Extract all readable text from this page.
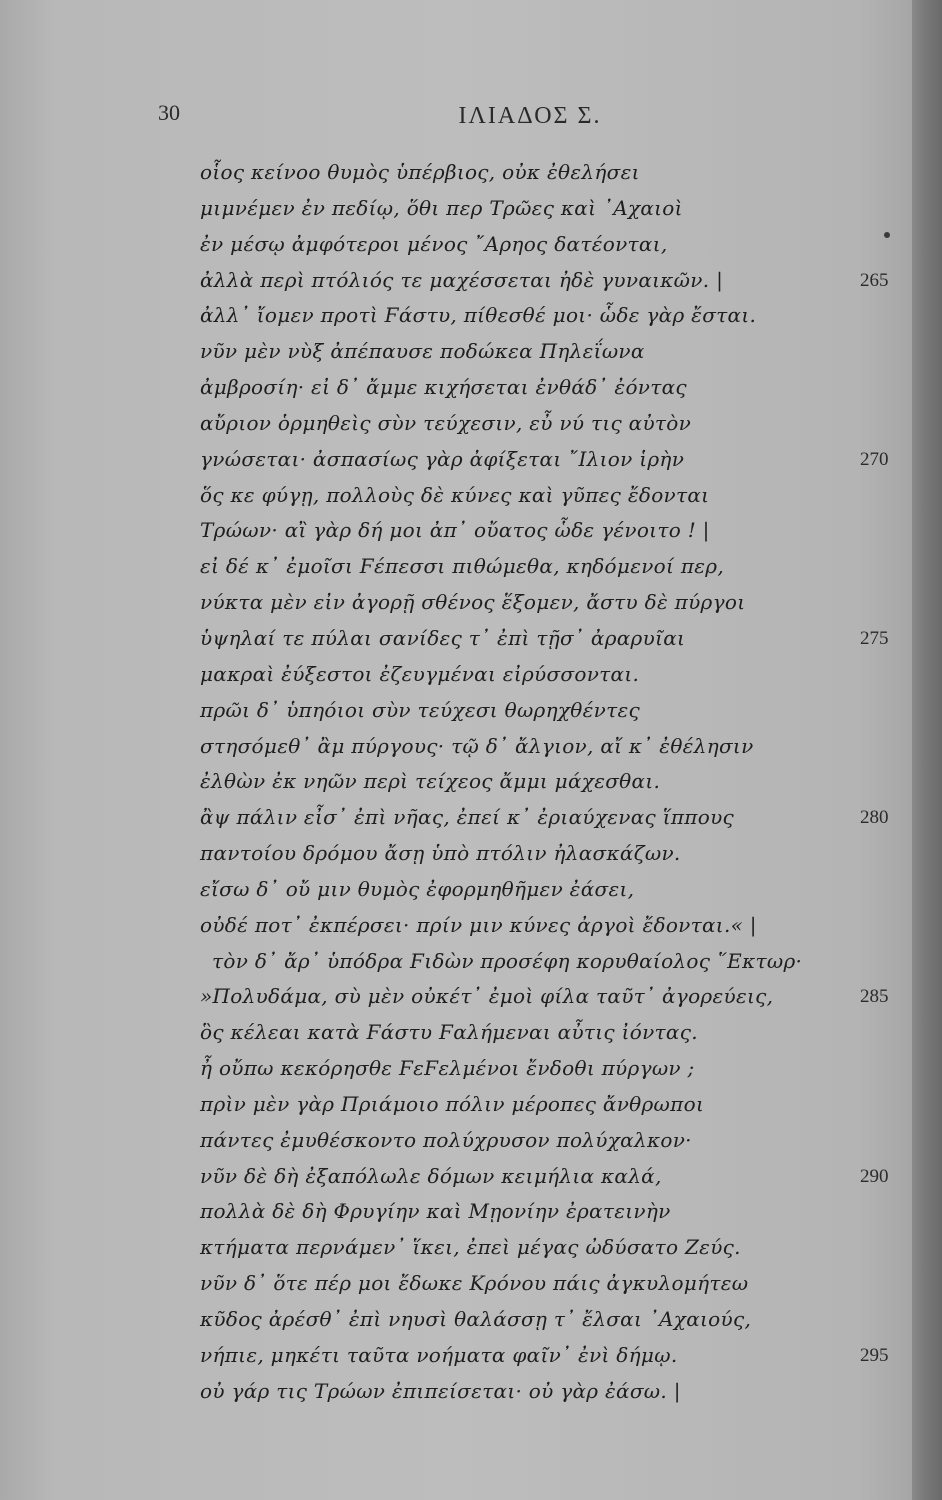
30	ΙΛΙΑΔΟΣ Σ.
οἷος κείνοο θυμὸς ὑπέρβιος, οὐκ ἐθελήσει
μιμνέμεν ἐν πεδίῳ, ὅθι περ Τρῶες καὶ ᾿Αχαιοὶ
ἐν μέσῳ ἀμφότεροι μένος ῎Αρηος δατέονται,
ἀλλὰ περὶ πτόλιός τε μαχέσσεται ἠδὲ γυναικῶν. |	265
ἀλλ᾿ ἴομεν προτὶ Ϝάστυ, πίθεσθέ μοι· ὧδε γὰρ ἔσται.
νῦν μὲν νὺξ ἀπέπαυσε ποδώκεα Πηλεΐωνα
ἀμβροσίη· εἰ δ᾿ ἄμμε κιχήσεται ἐνθάδ᾿ ἐόντας
αὔριον ὁρμηθεὶς σὺν τεύχεσιν, εὖ νύ τις αὐτὸν
γνώσεται· ἀσπασίως γὰρ ἀφίξεται ῎Ιλιον ἱρὴν	270
ὅς κε φύγῃ, πολλοὺς δὲ κύνες καὶ γῦπες ἔδονται
Τρώων· αἲ γὰρ δή μοι ἀπ᾿ οὔατος ὧδε γένοιτο ! |
εἰ δέ κ᾿ ἐμοῖσι Ϝέπεσσι πιθώμεθα, κηδόμενοί περ,
νύκτα μὲν εἰν ἀγορῇ σθένος ἕξομεν, ἄστυ δὲ πύργοι
ὑψηλαί τε πύλαι σανίδες τ᾿ ἐπὶ τῇσ᾿ ἀραρυῖαι	275
μακραὶ ἐύξεστοι ἐζευγμέναι εἰρύσσονται.
πρῶι δ᾿ ὑπηόιοι σὺν τεύχεσι θωρηχθέντες
στησόμεθ᾿ ἂμ πύργους· τῷ δ᾿ ἄλγιον, αἴ κ᾿ ἐθέλησιν
ἐλθὼν ἐκ νηῶν περὶ τείχεος ἄμμι μάχεσθαι.
ἂψ πάλιν εἶσ᾿ ἐπὶ νῆας, ἐπεί κ᾿ ἐριαύχενας ἵππους	280
παντοίου δρόμου ἄσῃ ὑπὸ πτόλιν ἠλασκάζων.
εἴσω δ᾿ οὔ μιν θυμὸς ἐφορμηθῆμεν ἐάσει,
οὐδέ ποτ᾿ ἐκπέρσει· πρίν μιν κύνες ἀργοὶ ἔδονται.« |
τὸν δ᾿ ἄρ᾿ ὑπόδρα Ϝιδὼν προσέφη κορυθαίολος ῞Εκτωρ·
»Πολυδάμα, σὺ μὲν οὐκέτ᾿ ἐμοὶ φίλα ταῦτ᾿ ἀγορεύεις,	285
ὃς κέλεαι κατὰ Ϝάστυ Ϝαλήμεναι αὖτις ἰόντας.
ἦ οὔπω κεκόρησθε ϜεϜελμένοι ἔνδοθι πύργων ;
πρὶν μὲν γὰρ Πριάμοιο πόλιν μέροπες ἄνθρωποι
πάντες ἐμυθέσκοντο πολύχρυσον πολύχαλκον·
νῦν δὲ δὴ ἐξαπόλωλε δόμων κειμήλια καλά,	290
πολλὰ δὲ δὴ Φρυγίην καὶ Μῃονίην ἐρατεινὴν
κτήματα περνάμεν᾿ ἵκει, ἐπεὶ μέγας ὠδύσατο Ζεύς.
νῦν δ᾿ ὅτε πέρ μοι ἔδωκε Κρόνου πάις ἀγκυλομήτεω
κῦδος ἀρέσθ᾿ ἐπὶ νηυσὶ θαλάσσῃ τ᾿ ἔλσαι ᾿Αχαιούς,
νήπιε, μηκέτι ταῦτα νοήματα φαῖν᾿ ἐνὶ δήμῳ.	295
οὐ γάρ τις Τρώων ἐπιπείσεται· οὐ γὰρ ἐάσω. |
